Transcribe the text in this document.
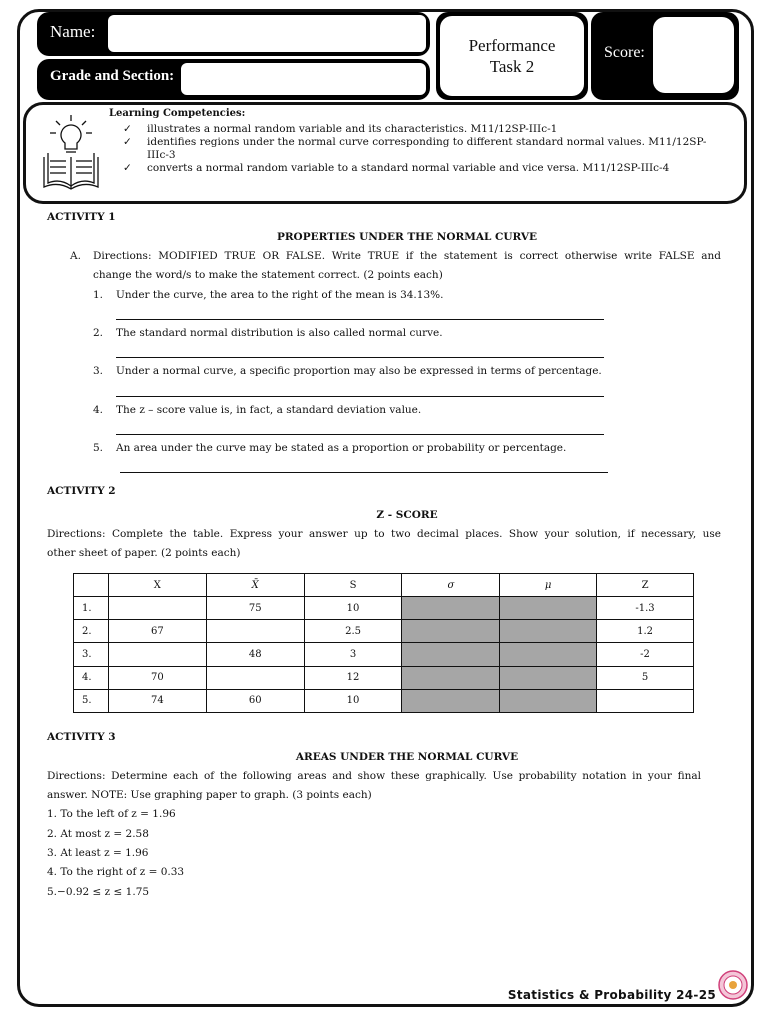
Name:
Grade and Section:
Performance
Task 2
Score:
Learning Competencies:
✓ illustrates a normal random variable and its characteristics. M11/12SP-IIIc-1
✓ identifies regions under the normal curve corresponding to different standard normal values. M11/12SP-IIIc-3
✓ converts a normal random variable to a standard normal variable and vice versa. M11/12SP-IIIc-4
ACTIVITY 1
PROPERTIES UNDER THE NORMAL CURVE
A. Directions: MODIFIED TRUE OR FALSE. Write TRUE if the statement is correct otherwise write FALSE and
change the word/s to make the statement correct. (2 points each)
1. Under the curve, the area to the right of the mean is 34.13%.
2. The standard normal distribution is also called normal curve.
3. Under a normal curve, a specific proportion may also be expressed in terms of percentage.
4. The z – score value is, in fact, a standard deviation value.
5. An area under the curve may be stated as a proportion or probability or percentage.
ACTIVITY 2
Z - SCORE
Directions: Complete the table. Express your answer up to two decimal places. Show your solution, if necessary, use
other sheet of paper. (2 points each)
	X	X̄	S	σ	μ	Z
1.		75	10			-1.3
2.	67		2.5			1.2
3.		48	3			-2
4.	70		12			5
5.	74	60	10			
ACTIVITY 3
AREAS UNDER THE NORMAL CURVE
Directions: Determine each of the following areas and show these graphically. Use probability notation in your final
answer. NOTE: Use graphing paper to graph. (3 points each)
1. To the left of z = 1.96
2. At most z = 2.58
3. At least z = 1.96
4. To the right of z = 0.33
5.−0.92 ≤ z ≤ 1.75
Statistics & Probability 24-25
